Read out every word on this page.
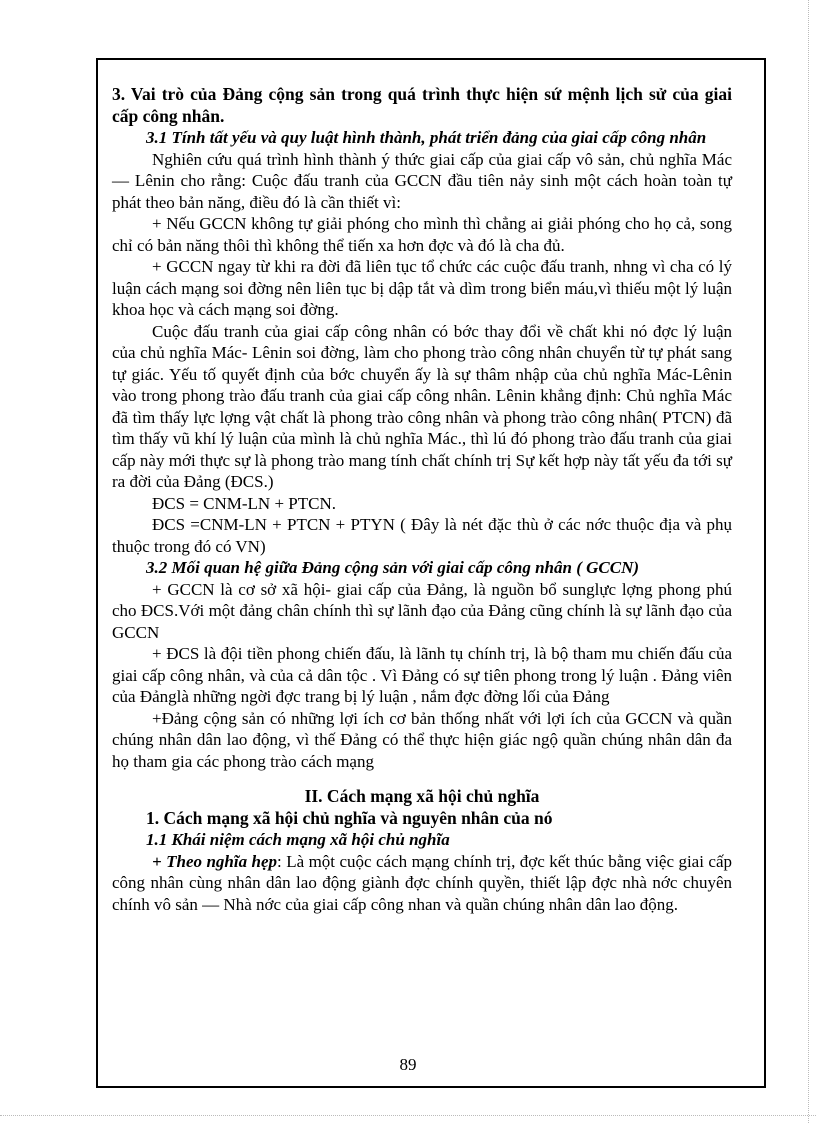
3. Vai trò của Đảng cộng sản trong quá trình thực hiện sứ mệnh lịch sử của giai cấp công nhân.

3.1 Tính tất yếu và quy luật hình thành, phát triển đảng của giai cấp công nhân

Nghiên cứu quá trình hình thành ý thức giai cấp của giai cấp vô sản, chủ nghĩa Mác — Lênin cho rằng: Cuộc đấu tranh của GCCN đầu tiên nảy sinh một cách hoàn toàn tự phát theo bản năng, điều đó là cần thiết vì:

+ Nếu GCCN không tự giải phóng cho mình thì chẳng ai giải phóng cho họ cả, song chỉ có bản năng thôi thì không thể tiến xa hơn đợc và đó là cha đủ.

+ GCCN ngay từ khi ra đời đã liên tục tổ chức các cuộc đấu tranh, nhng vì cha có lý luận cách mạng soi đờng nên liên tục bị dập tắt và dìm trong biển máu,vì thiếu một lý luận khoa học và cách mạng soi đờng.

Cuộc đấu tranh của giai cấp công nhân có bớc thay đổi về chất khi nó đợc lý luận của chủ nghĩa Mác- Lênin soi đờng, làm cho phong trào công nhân chuyển từ tự phát sang tự giác. Yếu tố quyết định của bớc chuyển ấy là sự thâm nhập của chủ nghĩa Mác-Lênin vào trong phong trào đấu tranh của giai cấp công nhân. Lênin khẳng định: Chủ nghĩa Mác đã tìm thấy lực lợng vật chất là phong trào công nhân và phong trào công nhân( PTCN) đã tìm thấy vũ khí lý luận của mình là chủ nghĩa Mác., thì lú đó phong trào đấu tranh của giai cấp này mới thực sự là phong trào mang tính chất chính trị Sự kết hợp này tất yếu đa tới sự ra đời của Đảng (ĐCS.)

ĐCS = CNM-LN + PTCN.

ĐCS =CNM-LN + PTCN + PTYN ( Đây là nét đặc thù ở các nớc thuộc địa và phụ thuộc trong đó có VN)

3.2 Mối quan hệ giữa Đảng cộng sản với giai cấp công nhân ( GCCN)

+ GCCN là cơ sở xã hội- giai cấp của Đảng, là nguồn bổ sunglực lợng phong phú cho ĐCS.Với một đảng chân chính thì sự lãnh đạo của Đảng cũng chính là sự lãnh đạo của GCCN

+ ĐCS là đội tiền phong chiến đấu, là lãnh tụ chính trị, là bộ tham mu chiến đấu của giai cấp công nhân, và của cả dân tộc . Vì Đảng có sự tiên phong trong lý luận . Đảng viên của Đảnglà những ngời đợc trang bị lý luận , nắm đợc đờng lối của Đảng

+Đảng cộng sản có những lợi ích cơ bản thống nhất với lợi ích của GCCN và quần chúng nhân dân lao động, vì thế Đảng có thể thực hiện giác ngộ quần chúng nhân dân đa họ tham gia các phong trào cách mạng

II. Cách mạng xã hội chủ nghĩa

1. Cách mạng xã hội chủ nghĩa và nguyên nhân của nó

1.1 Khái niệm cách mạng xã hội chủ nghĩa

+ Theo nghĩa hẹp: Là một cuộc cách mạng chính trị, đợc kết thúc bằng việc giai cấp công nhân cùng nhân dân lao động giành đợc chính quyền, thiết lập đợc nhà nớc chuyên chính vô sản — Nhà nớc của giai cấp công nhan và quần chúng nhân dân lao động.

89
